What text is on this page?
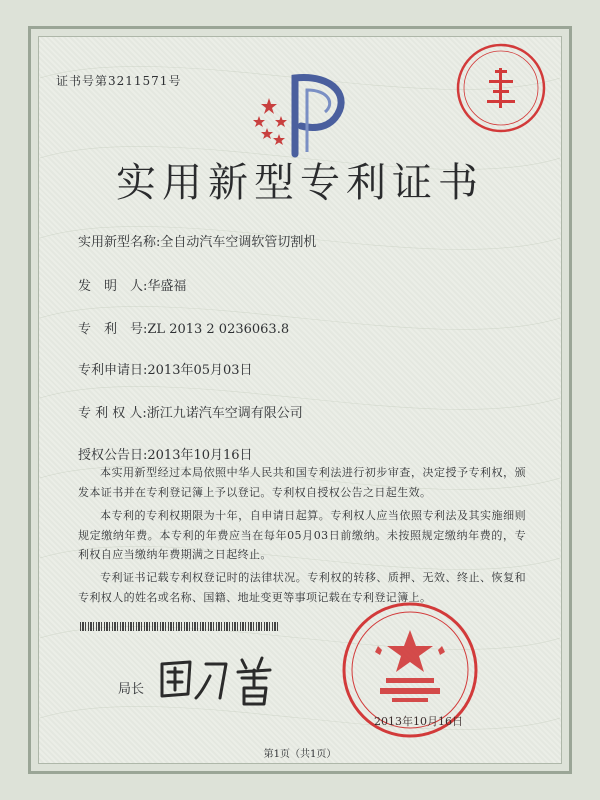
证书号第3211571号
实用新型专利证书
实用新型名称:全自动汽车空调软管切割机
发　明　人:华盛福
专　利　号:ZL 2013 2 0236063.8
专利申请日:2013年05月03日
专 利 权 人:浙江九诺汽车空调有限公司
授权公告日:2013年10月16日
本实用新型经过本局依照中华人民共和国专利法进行初步审查，决定授予专利权，颁发本证书并在专利登记簿上予以登记。专利权自授权公告之日起生效。
本专利的专利权期限为十年，自申请日起算。专利权人应当依照专利法及其实施细则规定缴纳年费。本专利的年费应当在每年05月03日前缴纳。未按照规定缴纳年费的，专利权自应当缴纳年费期满之日起终止。
专利证书记载专利权登记时的法律状况。专利权的转移、质押、无效、终止、恢复和专利权人的姓名或名称、国籍、地址变更等事项记载在专利登记簿上。
局长
2013年10月16日
第1页（共1页）
